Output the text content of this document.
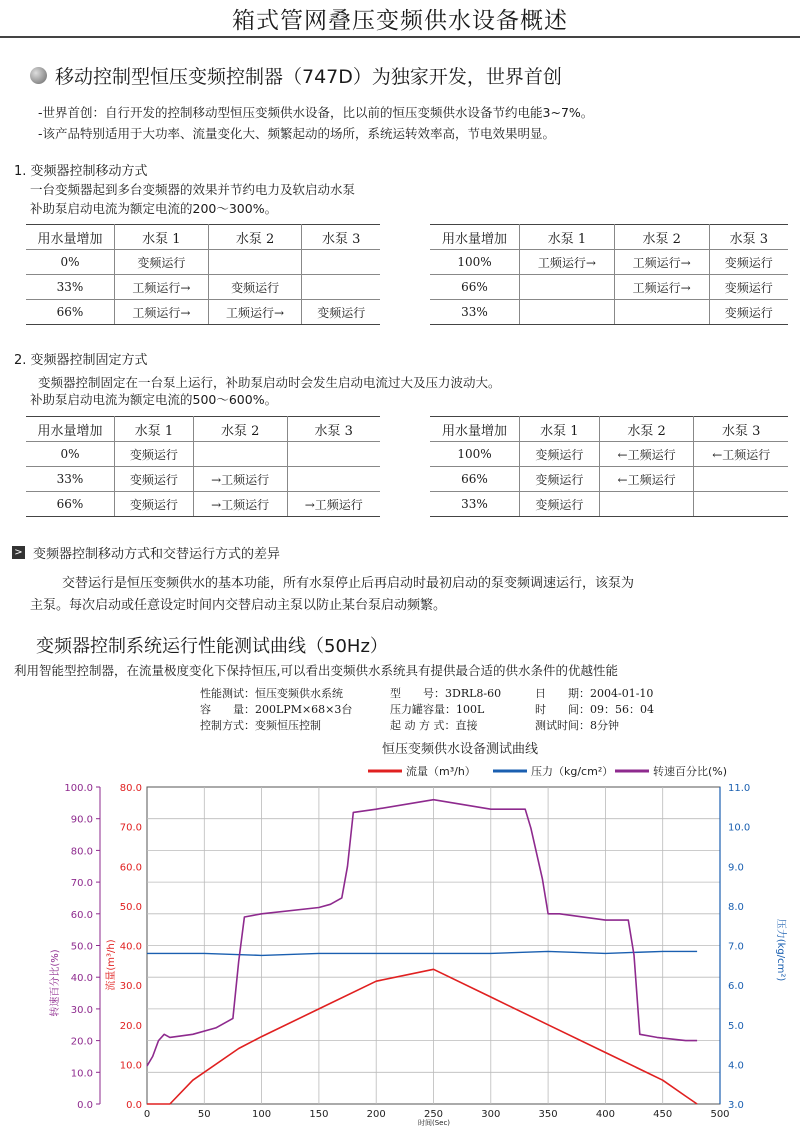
箱式管网叠压变频供水设备概述
移动控制型恒压变频控制器（747D）为独家开发，世界首创
-世界首创：自行开发的控制移动型恒压变频供水设备，比以前的恒压变频供水设备节约电能3~7%。
-该产品特别适用于大功率、流量变化大、频繁起动的场所，系统运转效率高，节电效果明显。
1. 变频器控制移动方式
一台变频器起到多台变频器的效果并节约电力及软启动水泵
补助泵启动电流为额定电流的200～300%。
用水量增加	水泵 1	水泵 2	水泵 3
0%	变频运行		
33%	工频运行→	变频运行	
66%	工频运行→	工频运行→	变频运行
用水量增加	水泵 1	水泵 2	水泵 3
100%	工频运行→	工频运行→	变频运行
66%		工频运行→	变频运行
33%			变频运行
2. 变频器控制固定方式
变频器控制固定在一台泵上运行，补助泵启动时会发生启动电流过大及压力波动大。
补助泵启动电流为额定电流的500～600%。
用水量增加	水泵 1	水泵 2	水泵 3
0%	变频运行		
33%	变频运行	→工频运行	
66%	变频运行	→工频运行	→工频运行
用水量增加	水泵 1	水泵 2	水泵 3
100%	变频运行	←工频运行	←工频运行
66%	变频运行	←工频运行	
33%	变频运行		
> 变频器控制移动方式和交替运行方式的差异
交替运行是恒压变频供水的基本功能，所有水泵停止后再启动时最初启动的泵变频调速运行，该泵为
主泵。每次启动或任意设定时间内交替启动主泵以防止某台泵启动频繁。
变频器控制系统运行性能测试曲线（50Hz）
利用智能型控制器，在流量极度变化下保持恒压,可以看出变频供水系统具有提供最合适的供水条件的优越性能
性能测试：恒压变频供水系统	型　　号：3DRL8-60	日　　期：2004-01-10
容　　量：200LPM×68×3台	压力罐容量：100L	时　　间：09：56：04
控制方式：变频恒压控制	起 动 方 式：直接	测试时间：8分钟
恒压变频供水设备测试曲线
流量（m³/h）	压力（kg/cm²）	转速百分比(%)
0	50	100	150	200	250	300	350	400	450	500
时间(Sec)
0.0
10.0
20.0
30.0
40.0
50.0
60.0
70.0
80.0
90.0
100.0
转速百分比(%)
0.0
10.0
20.0
30.0
40.0
50.0
60.0
70.0
80.0
流量(m³/h)
3.0
4.0
5.0
6.0
7.0
8.0
9.0
10.0
11.0
压力(kg/cm²)
